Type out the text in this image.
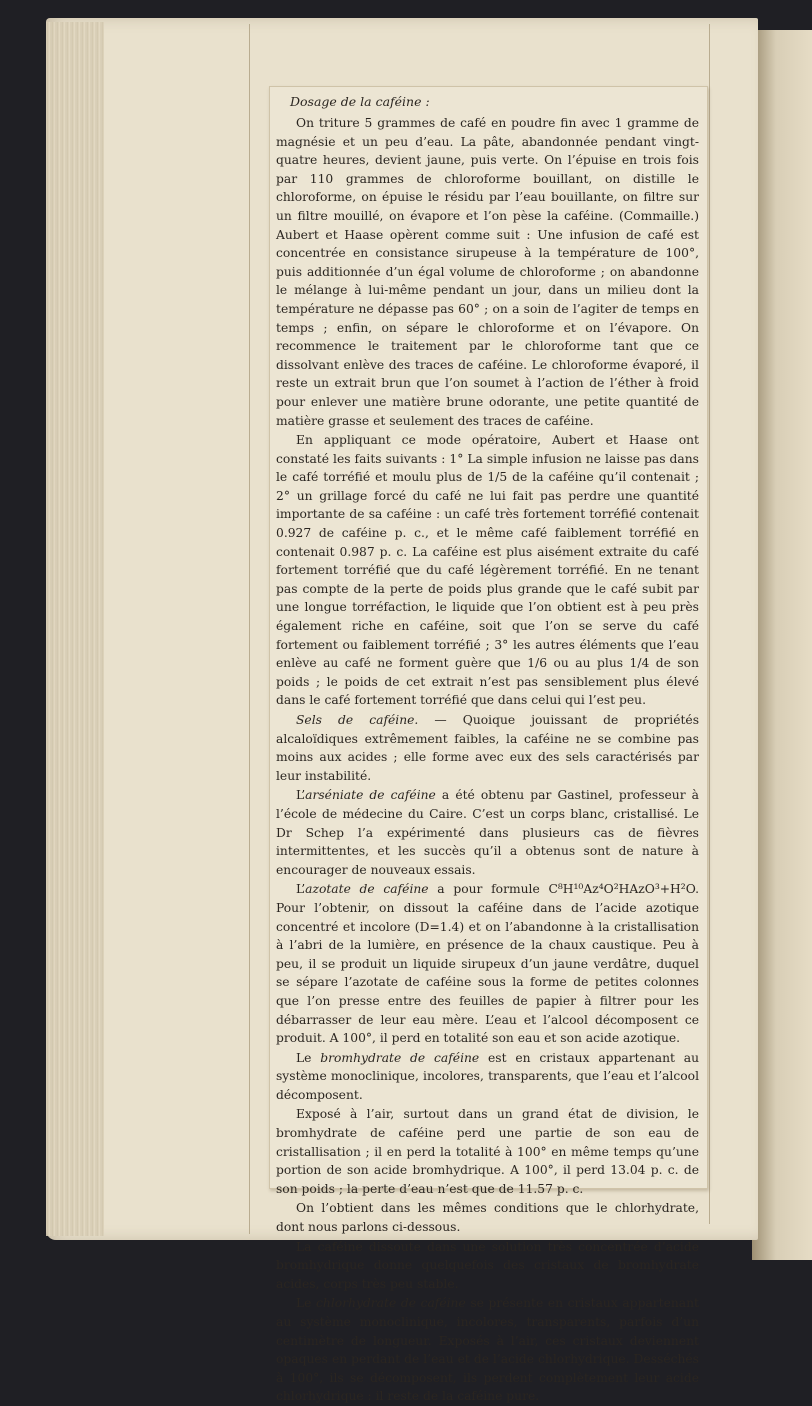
Dosage de la caféine :

On triture 5 grammes de café en poudre fin avec 1 gramme de magnésie et un peu d’eau. La pâte, abandonnée pendant vingt-quatre heures, devient jaune, puis verte. On l’épuise en trois fois par 110 grammes de chloroforme bouillant, on distille le chloroforme, on épuise le résidu par l’eau bouillante, on filtre sur un filtre mouillé, on évapore et l’on pèse la caféine. (Commaille.) Aubert et Haase opèrent comme suit : Une infusion de café est concentrée en consistance sirupeuse à la température de 100°, puis additionnée d’un égal volume de chloroforme ; on abandonne le mélange à lui-même pendant un jour, dans un milieu dont la température ne dépasse pas 60° ; on a soin de l’agiter de temps en temps ; enfin, on sépare le chloroforme et on l’évapore. On recommence le traitement par le chloroforme tant que ce dissolvant enlève des traces de caféine. Le chloroforme évaporé, il reste un extrait brun que l’on soumet à l’action de l’éther à froid pour enlever une matière brune odorante, une petite quantité de matière grasse et seulement des traces de caféine.

En appliquant ce mode opératoire, Aubert et Haase ont constaté les faits suivants : 1° La simple infusion ne laisse pas dans le café torréfié et moulu plus de 1/5 de la caféine qu’il contenait ; 2° un grillage forcé du café ne lui fait pas perdre une quantité importante de sa caféine : un café très fortement torréfié contenait 0.927 de caféine p. c., et le même café faiblement torréfié en contenait 0.987 p. c. La caféine est plus aisément extraite du café fortement torréfié que du café légèrement torréfié. En ne tenant pas compte de la perte de poids plus grande que le café subit par une longue torréfaction, le liquide que l’on obtient est à peu près également riche en caféine, soit que l’on se serve du café fortement ou faiblement torréfié ; 3° les autres éléments que l’eau enlève au café ne forment guère que 1/6 ou au plus 1/4 de son poids ; le poids de cet extrait n’est pas sensiblement plus élevé dans le café fortement torréfié que dans celui qui l’est peu.

Sels de caféine. — Quoique jouissant de propriétés alcaloïdiques extrêmement faibles, la caféine ne se combine pas moins aux acides ; elle forme avec eux des sels caractérisés par leur instabilité.

L’arséniate de caféine a été obtenu par Gastinel, professeur à l’école de médecine du Caire. C’est un corps blanc, cristallisé. Le Dr Schep l’a expérimenté dans plusieurs cas de fièvres intermittentes, et les succès qu’il a obtenus sont de nature à encourager de nouveaux essais.

L’azotate de caféine a pour formule C⁸H¹⁰Az⁴O²HAzO³+H²O. Pour l’obtenir, on dissout la caféine dans de l’acide azotique concentré et incolore (D=1.4) et on l’abandonne à la cristallisation à l’abri de la lumière, en présence de la chaux caustique. Peu à peu, il se produit un liquide sirupeux d’un jaune verdâtre, duquel se sépare l’azotate de caféine sous la forme de petites colonnes que l’on presse entre des feuilles de papier à filtrer pour les débarrasser de leur eau mère. L’eau et l’alcool décomposent ce produit. A 100°, il perd en totalité son eau et son acide azotique.

Le bromhydrate de caféine est en cristaux appartenant au système monoclinique, incolores, transparents, que l’eau et l’alcool décomposent.

Exposé à l’air, surtout dans un grand état de division, le bromhydrate de caféine perd une partie de son eau de cristallisation ; il en perd la totalité à 100° en même temps qu’une portion de son acide bromhydrique. A 100°, il perd 13.04 p. c. de son poids ; la perte d’eau n’est que de 11.57 p. c.

On l’obtient dans les mêmes conditions que le chlorhydrate, dont nous parlons ci-dessous.

La caféine dissoute dans une solution très concentrée d’acide bromhydrique donne quelquefois des cristaux de bromhydrate acides, corps très peu stable.

Le chlorhydrate de caféine se présente en cristaux appartenant au système monoclinique, incolores, transparents, parfois d’un centimètre de longueur. Exposés à l’air, ces cristaux deviennent opaques en perdant de l’eau et de l’acide chlorhydrique. Desséchés à 100°, ils se décomposent, ils perdent complètement leur acide chlorhydrique : il reste de la caféine pure.
